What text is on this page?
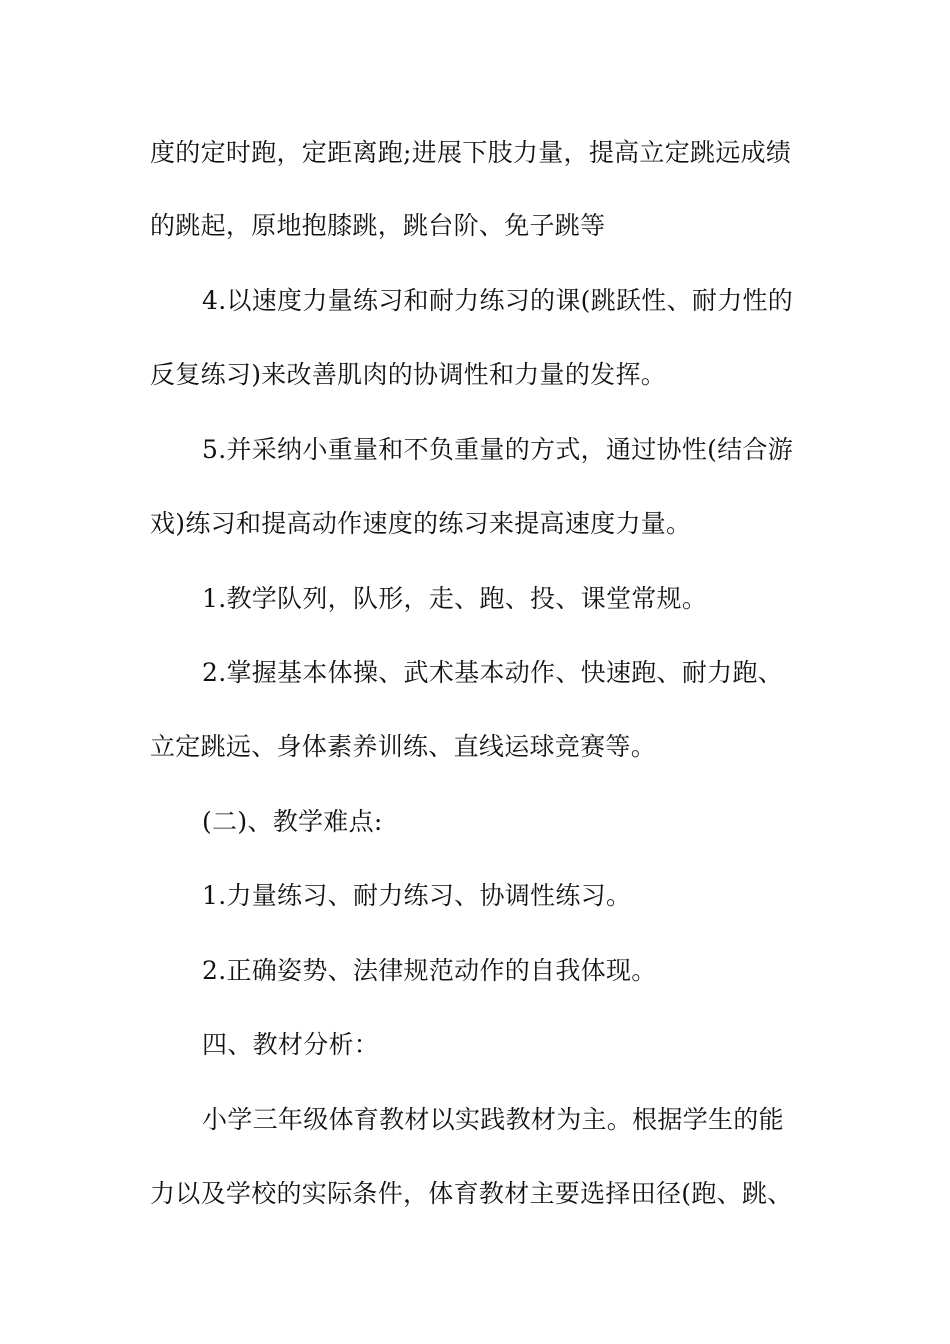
度的定时跑，定距离跑;进展下肢力量，提高立定跳远成绩
的跳起，原地抱膝跳，跳台阶、免子跳等
4.以速度力量练习和耐力练习的课(跳跃性、耐力性的
反复练习)来改善肌肉的协调性和力量的发挥。
5.并采纳小重量和不负重量的方式，通过协性(结合游
戏)练习和提高动作速度的练习来提高速度力量。
1.教学队列，队形，走、跑、投、课堂常规。
2.掌握基本体操、武术基本动作、快速跑、耐力跑、
立定跳远、身体素养训练、直线运球竞赛等。
(二)、教学难点:
1.力量练习、耐力练习、协调性练习。
2.正确姿势、法律规范动作的自我体现。
四、教材分析：
小学三年级体育教材以实践教材为主。根据学生的能
力以及学校的实际条件，体育教材主要选择田径(跑、跳、
